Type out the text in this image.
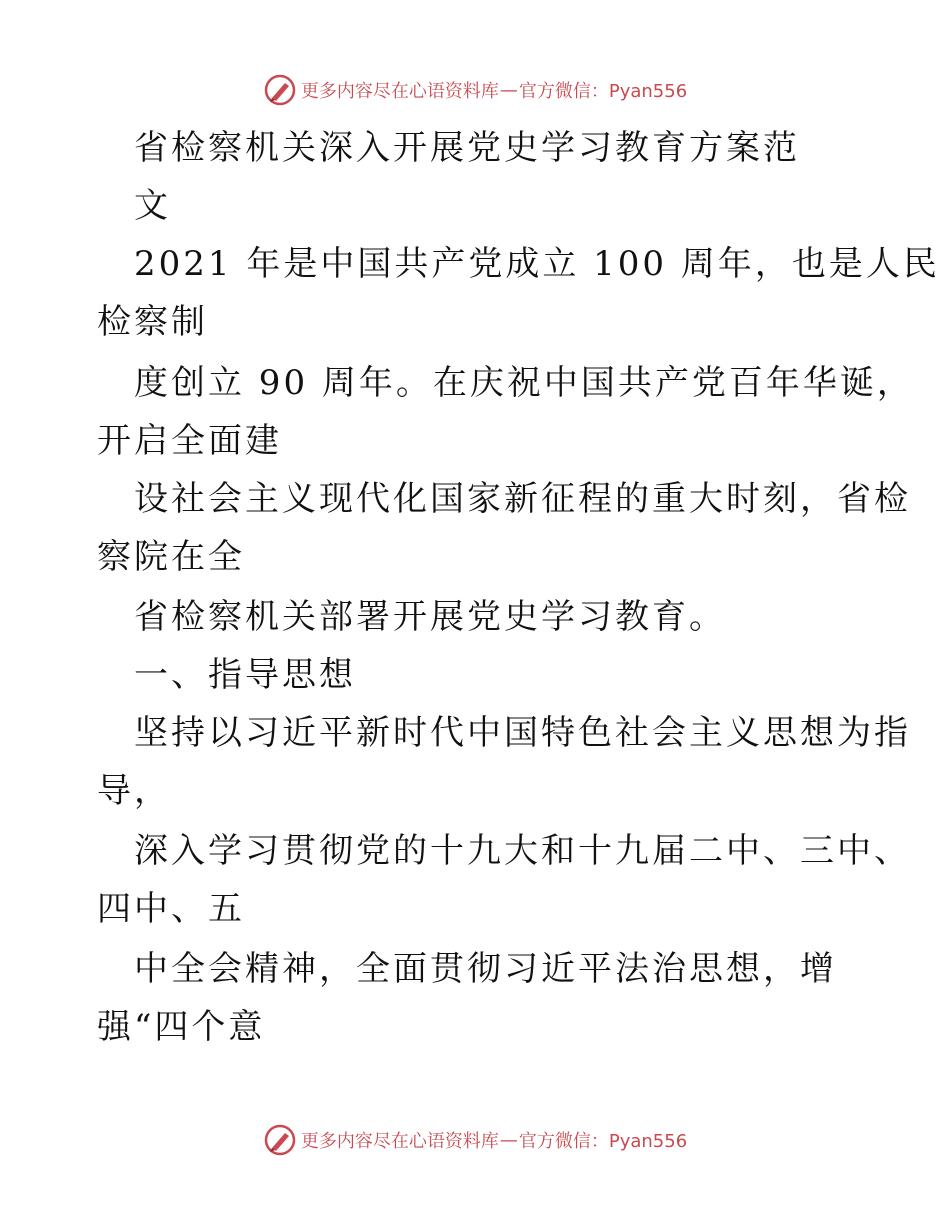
更多内容尽在心语资料库 — 官方微信：Pyan556
省检察机关深入开展党史学习教育方案范
文
2021 年是中国共产党成立 100 周年，也是人民
检察制
度创立 90 周年。在庆祝中国共产党百年华诞，
开启全面建
设社会主义现代化国家新征程的重大时刻，省检
察院在全
省检察机关部署开展党史学习教育。
一、指导思想
坚持以习近平新时代中国特色社会主义思想为指
导，
深入学习贯彻党的十九大和十九届二中、三中、
四中、五
中全会精神，全面贯彻习近平法治思想，增
强“四个意
更多内容尽在心语资料库 — 官方微信：Pyan556
